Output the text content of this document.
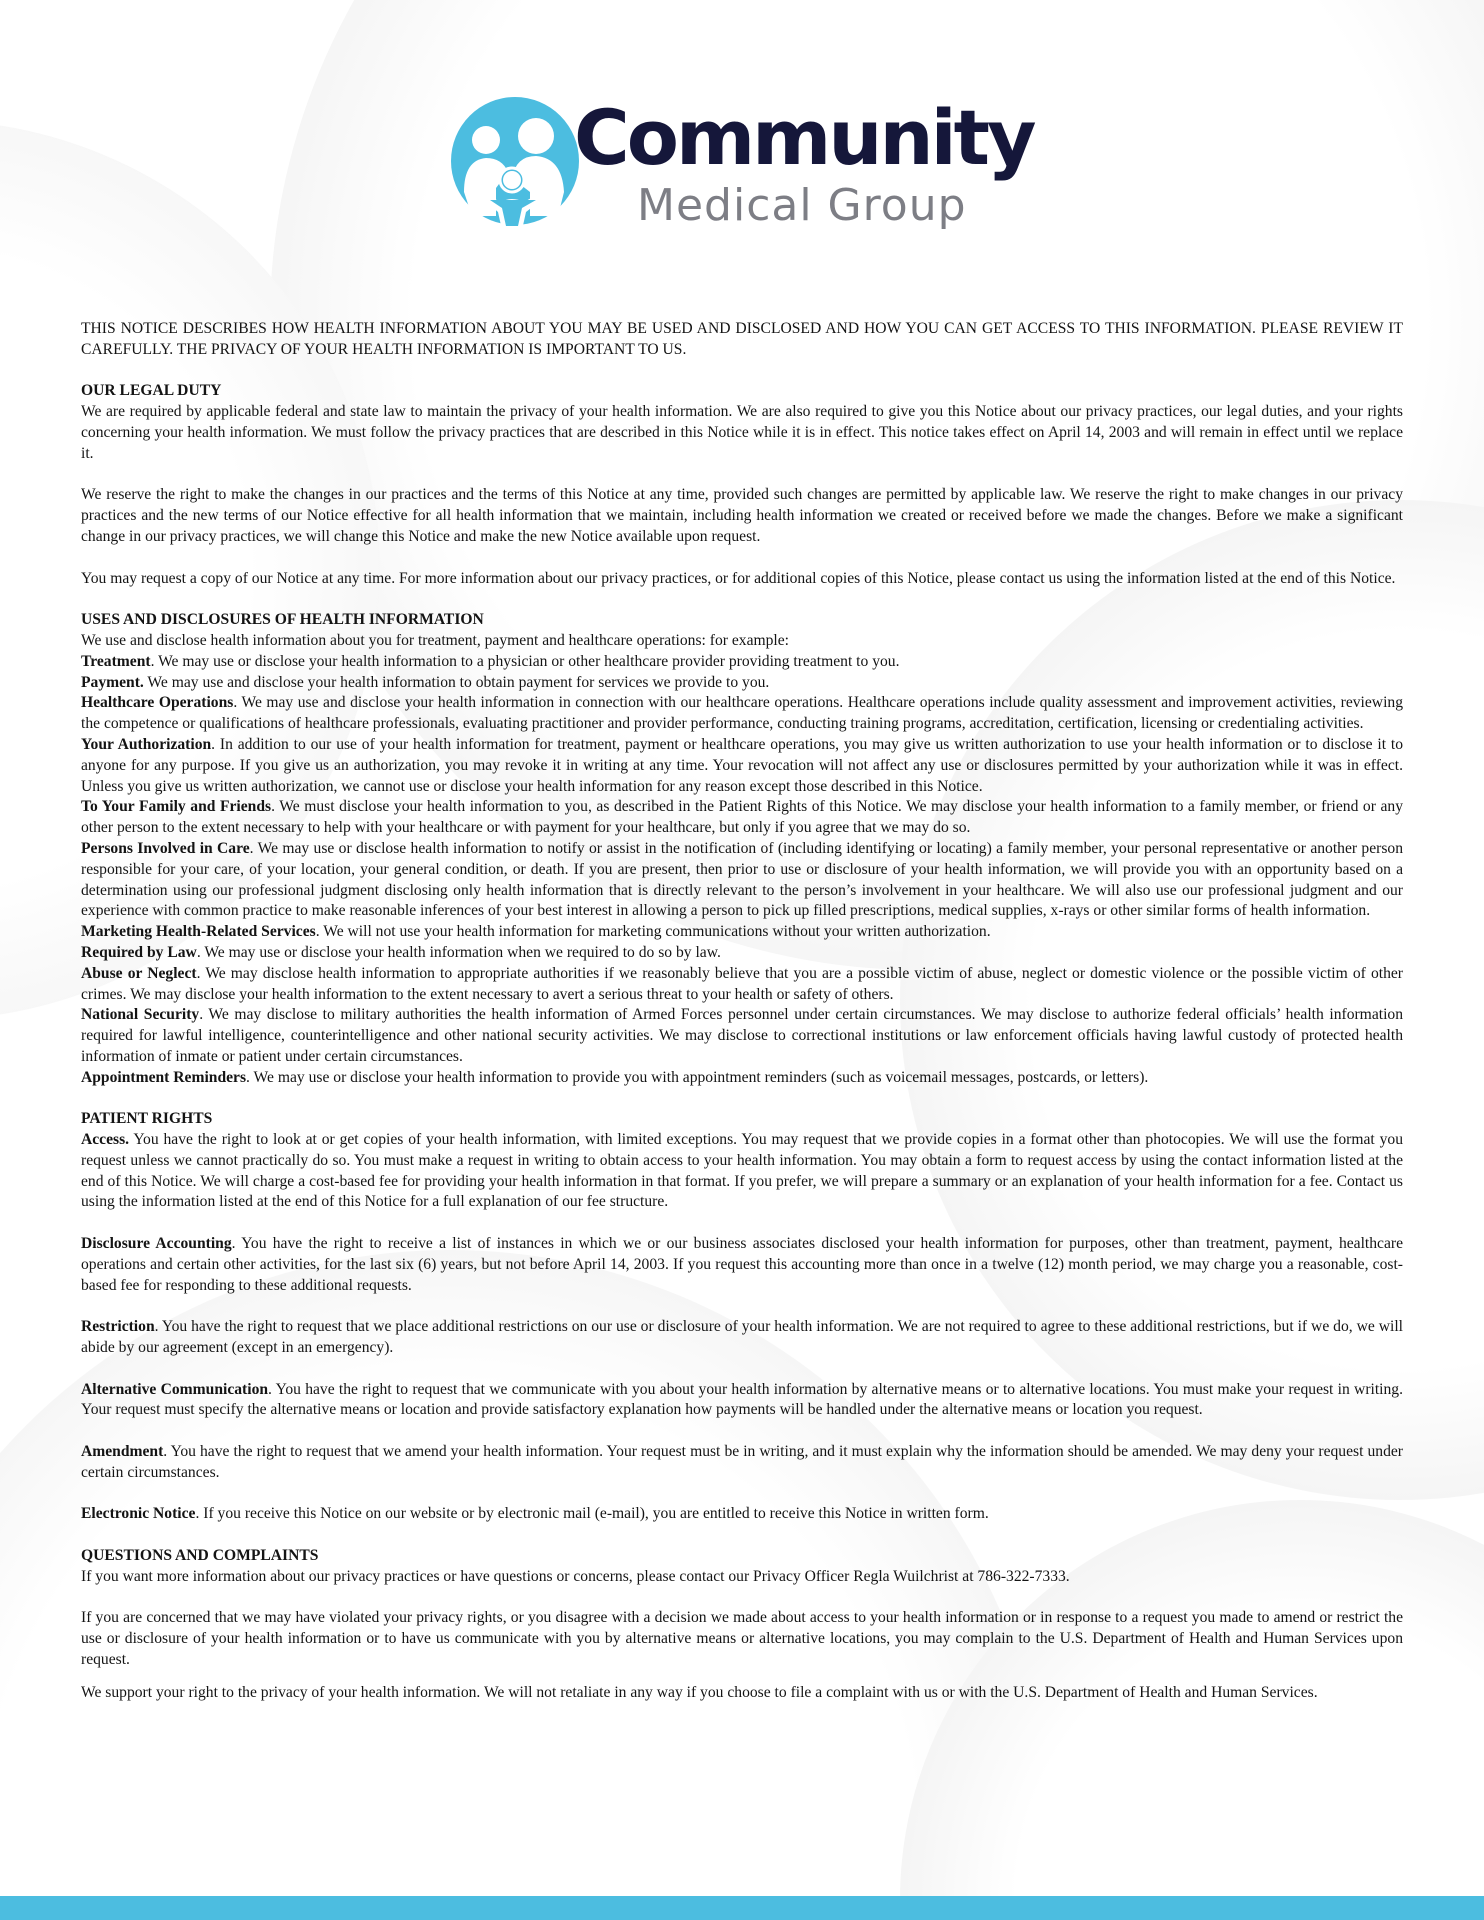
Community
Medical Group

THIS NOTICE DESCRIBES HOW HEALTH INFORMATION ABOUT YOU MAY BE USED AND DISCLOSED AND HOW YOU CAN GET ACCESS TO THIS INFORMATION. PLEASE REVIEW IT CAREFULLY. THE PRIVACY OF YOUR HEALTH INFORMATION IS IMPORTANT TO US.

OUR LEGAL DUTY

We are required by applicable federal and state law to maintain the privacy of your health information. We are also required to give you this Notice about our privacy practices, our legal duties, and your rights concerning your health information. We must follow the privacy practices that are described in this Notice while it is in effect. This notice takes effect on April 14, 2003 and will remain in effect until we replace it.

We reserve the right to make the changes in our practices and the terms of this Notice at any time, provided such changes are permitted by applicable law. We reserve the right to make changes in our privacy practices and the new terms of our Notice effective for all health information that we maintain, including health information we created or received before we made the changes. Before we make a significant change in our privacy practices, we will change this Notice and make the new Notice available upon request.

You may request a copy of our Notice at any time. For more information about our privacy practices, or for additional copies of this Notice, please contact us using the information listed at the end of this Notice.

USES AND DISCLOSURES OF HEALTH INFORMATION

We use and disclose health information about you for treatment, payment and healthcare operations: for example:

Treatment. We may use or disclose your health information to a physician or other healthcare provider providing treatment to you.

Payment. We may use and disclose your health information to obtain payment for services we provide to you.

Healthcare Operations. We may use and disclose your health information in connection with our healthcare operations. Healthcare operations include quality assessment and improvement activities, reviewing the competence or qualifications of healthcare professionals, evaluating practitioner and provider performance, conducting training programs, accreditation, certification, licensing or credentialing activities.

Your Authorization. In addition to our use of your health information for treatment, payment or healthcare operations, you may give us written authorization to use your health information or to disclose it to anyone for any purpose. If you give us an authorization, you may revoke it in writing at any time. Your revocation will not affect any use or disclosures permitted by your authorization while it was in effect. Unless you give us written authorization, we cannot use or disclose your health information for any reason except those described in this Notice.

To Your Family and Friends. We must disclose your health information to you, as described in the Patient Rights of this Notice. We may disclose your health information to a family member, or friend or any other person to the extent necessary to help with your healthcare or with payment for your healthcare, but only if you agree that we may do so.

Persons Involved in Care. We may use or disclose health information to notify or assist in the notification of (including identifying or locating) a family member, your personal representative or another person responsible for your care, of your location, your general condition, or death. If you are present, then prior to use or disclosure of your health information, we will provide you with an opportunity based on a determination using our professional judgment disclosing only health information that is directly relevant to the person’s involvement in your healthcare. We will also use our professional judgment and our experience with common practice to make reasonable inferences of your best interest in allowing a person to pick up filled prescriptions, medical supplies, x-rays or other similar forms of health information.

Marketing Health-Related Services. We will not use your health information for marketing communications without your written authorization.

Required by Law. We may use or disclose your health information when we required to do so by law.

Abuse or Neglect. We may disclose health information to appropriate authorities if we reasonably believe that you are a possible victim of abuse, neglect or domestic violence or the possible victim of other crimes. We may disclose your health information to the extent necessary to avert a serious threat to your health or safety of others.

National Security. We may disclose to military authorities the health information of Armed Forces personnel under certain circumstances. We may disclose to authorize federal officials’ health information required for lawful intelligence, counterintelligence and other national security activities. We may disclose to correctional institutions or law enforcement officials having lawful custody of protected health information of inmate or patient under certain circumstances.

Appointment Reminders. We may use or disclose your health information to provide you with appointment reminders (such as voicemail messages, postcards, or letters).

PATIENT RIGHTS

Access. You have the right to look at or get copies of your health information, with limited exceptions. You may request that we provide copies in a format other than photocopies. We will use the format you request unless we cannot practically do so. You must make a request in writing to obtain access to your health information. You may obtain a form to request access by using the contact information listed at the end of this Notice. We will charge a cost-based fee for providing your health information in that format. If you prefer, we will prepare a summary or an explanation of your health information for a fee. Contact us using the information listed at the end of this Notice for a full explanation of our fee structure.

Disclosure Accounting. You have the right to receive a list of instances in which we or our business associates disclosed your health information for purposes, other than treatment, payment, healthcare operations and certain other activities, for the last six (6) years, but not before April 14, 2003. If you request this accounting more than once in a twelve (12) month period, we may charge you a reasonable, cost-based fee for responding to these additional requests.

Restriction. You have the right to request that we place additional restrictions on our use or disclosure of your health information. We are not required to agree to these additional restrictions, but if we do, we will abide by our agreement (except in an emergency).

Alternative Communication. You have the right to request that we communicate with you about your health information by alternative means or to alternative locations. You must make your request in writing. Your request must specify the alternative means or location and provide satisfactory explanation how payments will be handled under the alternative means or location you request.

Amendment. You have the right to request that we amend your health information. Your request must be in writing, and it must explain why the information should be amended. We may deny your request under certain circumstances.

Electronic Notice. If you receive this Notice on our website or by electronic mail (e-mail), you are entitled to receive this Notice in written form.

QUESTIONS AND COMPLAINTS

If you want more information about our privacy practices or have questions or concerns, please contact our Privacy Officer Regla Wuilchrist at 786-322-7333.

If you are concerned that we may have violated your privacy rights, or you disagree with a decision we made about access to your health information or in response to a request you made to amend or restrict the use or disclosure of your health information or to have us communicate with you by alternative means or alternative locations, you may complain to the U.S. Department of Health and Human Services upon request.

We support your right to the privacy of your health information. We will not retaliate in any way if you choose to file a complaint with us or with the U.S. Department of Health and Human Services.
